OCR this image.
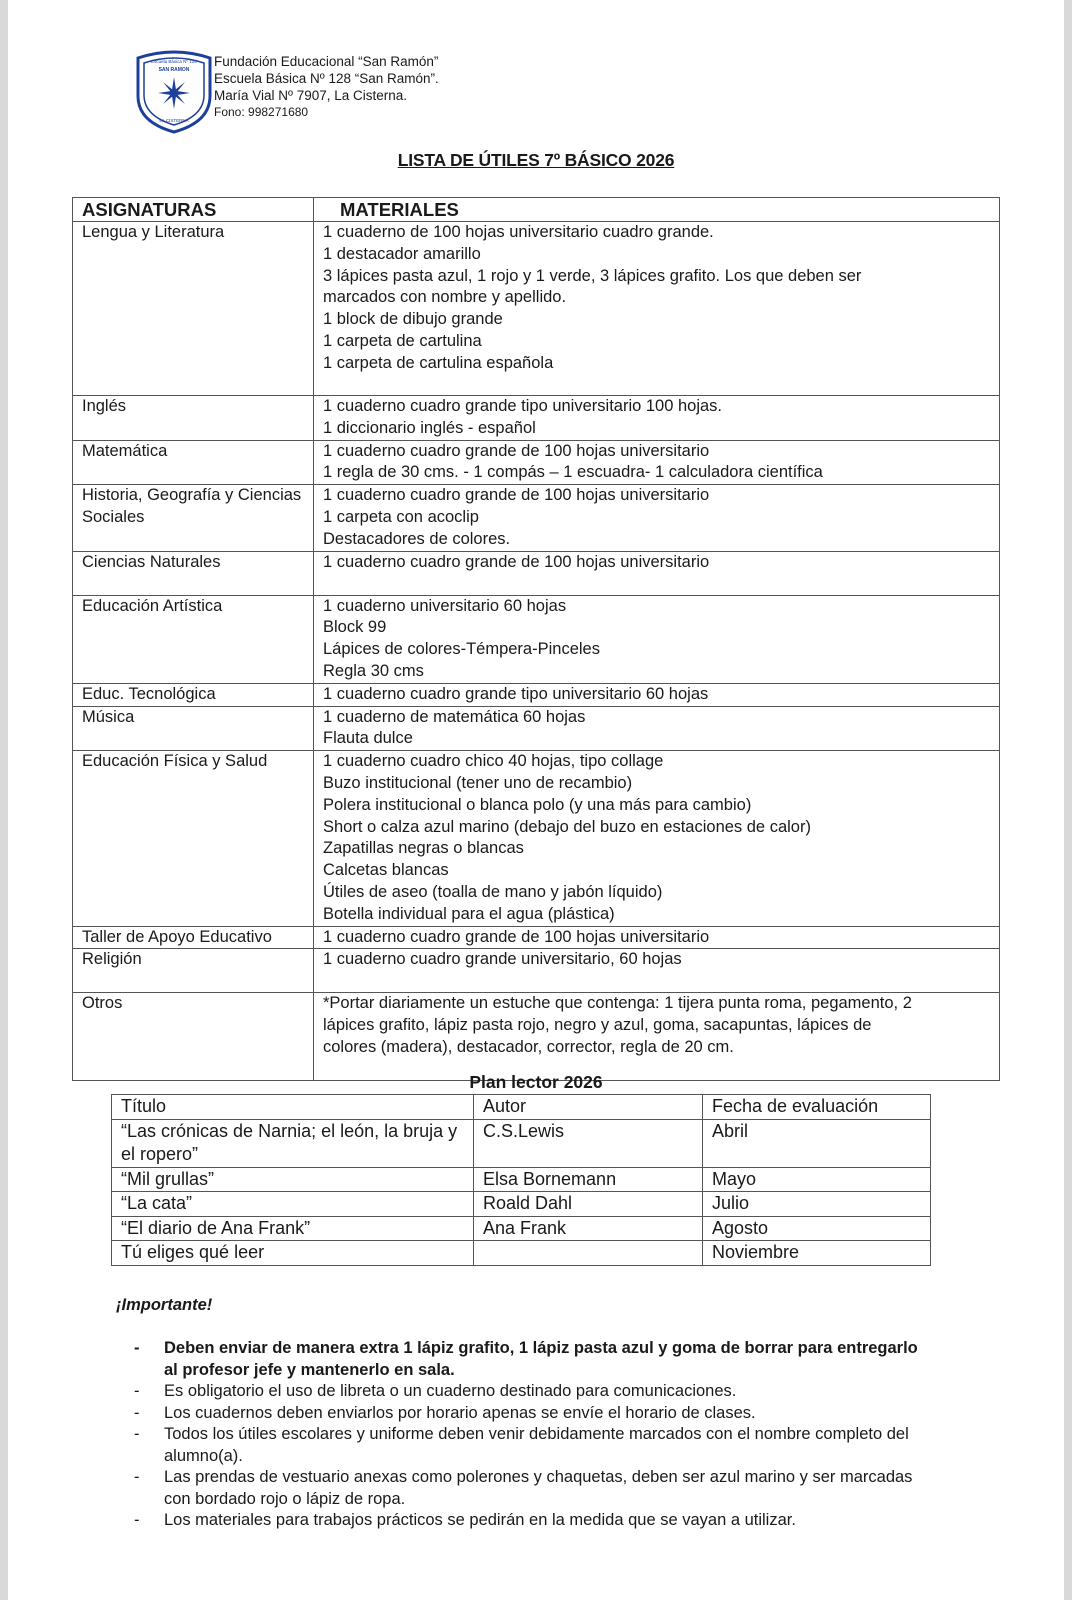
Escuela Básica Nº 128
SAN RAMON
LA CISTERNA
Fundación Educacional “San Ramón”
Escuela Básica Nº 128 “San Ramón”.
María Vial Nº 7907, La Cisterna.
Fono: 998271680
LISTA DE ÚTILES 7º BÁSICO 2026
ASIGNATURAS	MATERIALES
Lengua y Literatura	1 cuaderno de 100 hojas universitario cuadro grande.
1 destacador amarillo
3 lápices pasta azul, 1 rojo y 1 verde, 3 lápices grafito. Los que deben ser
marcados con nombre y apellido.
1 block de dibujo grande
1 carpeta de cartulina
1 carpeta de cartulina española

Inglés	1 cuaderno cuadro grande tipo universitario 100 hojas.
1 diccionario inglés - español

Matemática	1 cuaderno cuadro grande de 100 hojas universitario
1 regla de 30 cms. - 1 compás – 1 escuadra- 1 calculadora científica

Historia, Geografía y Ciencias Sociales	1 cuaderno cuadro grande de 100 hojas universitario
1 carpeta con acoclip
Destacadores de colores.

Ciencias Naturales	1 cuaderno cuadro grande de 100 hojas universitario

Educación Artística	1 cuaderno universitario 60 hojas
Block 99
Lápices de colores-Témpera-Pinceles
Regla 30 cms

Educ. Tecnológica	1 cuaderno cuadro grande tipo universitario 60 hojas

Música	1 cuaderno de matemática 60 hojas
Flauta dulce

Educación Física y Salud	1 cuaderno cuadro chico 40 hojas, tipo collage
Buzo institucional (tener uno de recambio)
Polera institucional o blanca polo (y una más para cambio)
Short o calza azul marino (debajo del buzo en estaciones de calor)
Zapatillas negras o blancas
Calcetas blancas
Útiles de aseo (toalla de mano y jabón líquido)
Botella individual para el agua (plástica)

Taller de Apoyo Educativo	1 cuaderno cuadro grande de 100 hojas universitario

Religión	1 cuaderno cuadro grande universitario, 60 hojas

Otros	*Portar diariamente un estuche que contenga: 1 tijera punta roma, pegamento, 2
lápices grafito, lápiz pasta rojo, negro y azul, goma, sacapuntas, lápices de
colores (madera), destacador, corrector, regla de 20 cm.
Plan lector 2026
Título	Autor	Fecha de evaluación
“Las crónicas de Narnia; el león, la bruja y el ropero”	C.S.Lewis	Abril
“Mil grullas”	Elsa Bornemann	Mayo
“La cata”	Roald Dahl	Julio
“El diario de Ana Frank”	Ana Frank	Agosto
Tú eliges qué leer		Noviembre
¡Importante!
- Deben enviar de manera extra 1 lápiz grafito, 1 lápiz pasta azul y goma de borrar para entregarlo al profesor jefe y mantenerlo en sala.
- Es obligatorio el uso de libreta o un cuaderno destinado para comunicaciones.
- Los cuadernos deben enviarlos por horario apenas se envíe el horario de clases.
- Todos los útiles escolares y uniforme deben venir debidamente marcados con el nombre completo del alumno(a).
- Las prendas de vestuario anexas como polerones y chaquetas, deben ser azul marino y ser marcadas con bordado rojo o lápiz de ropa.
- Los materiales para trabajos prácticos se pedirán en la medida que se vayan a utilizar.
